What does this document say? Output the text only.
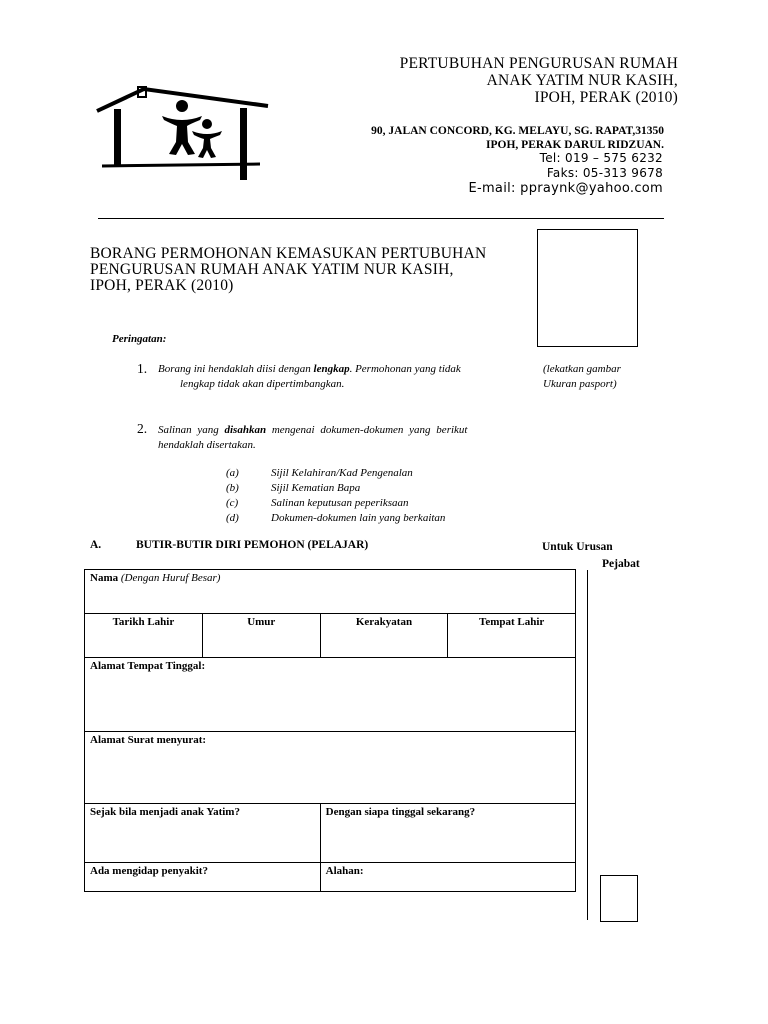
PERTUBUHAN PENGURUSAN RUMAH
ANAK YATIM NUR KASIH,
IPOH, PERAK (2010)
90, JALAN CONCORD, KG. MELAYU, SG. RAPAT,31350
IPOH, PERAK DARUL RIDZUAN.
Tel: 019 – 575 6232
Faks: 05-313 9678
E-mail: ppraynk@yahoo.com
BORANG PERMOHONAN KEMASUKAN PERTUBUHAN
PENGURUSAN RUMAH ANAK YATIM NUR KASIH,
IPOH, PERAK (2010)
(lekatkan gambar
Ukuran pasport)
Peringatan:
1. Borang ini hendaklah diisi dengan lengkap. Permohonan yang tidak
lengkap tidak akan dipertimbangkan.
2. Salinan yang disahkan mengenai dokumen-dokumen yang berikut
hendaklah disertakan.
(a)	Sijil Kelahiran/Kad Pengenalan
(b)	Sijil Kematian Bapa
(c)	Salinan keputusan peperiksaan
(d)	Dokumen-dokumen lain yang berkaitan
A.	BUTIR-BUTIR DIRI PEMOHON (PELAJAR)	Untuk Urusan
Pejabat
Nama (Dengan Huruf Besar)			
Tarikh Lahir	Umur	Kerakyatan	Tempat Lahir
Alamat Tempat Tinggal:			
Alamat Surat menyurat:			
Sejak bila menjadi anak Yatim?		Dengan siapa tinggal sekarang?	
Ada mengidap penyakit?		Alahan:	
